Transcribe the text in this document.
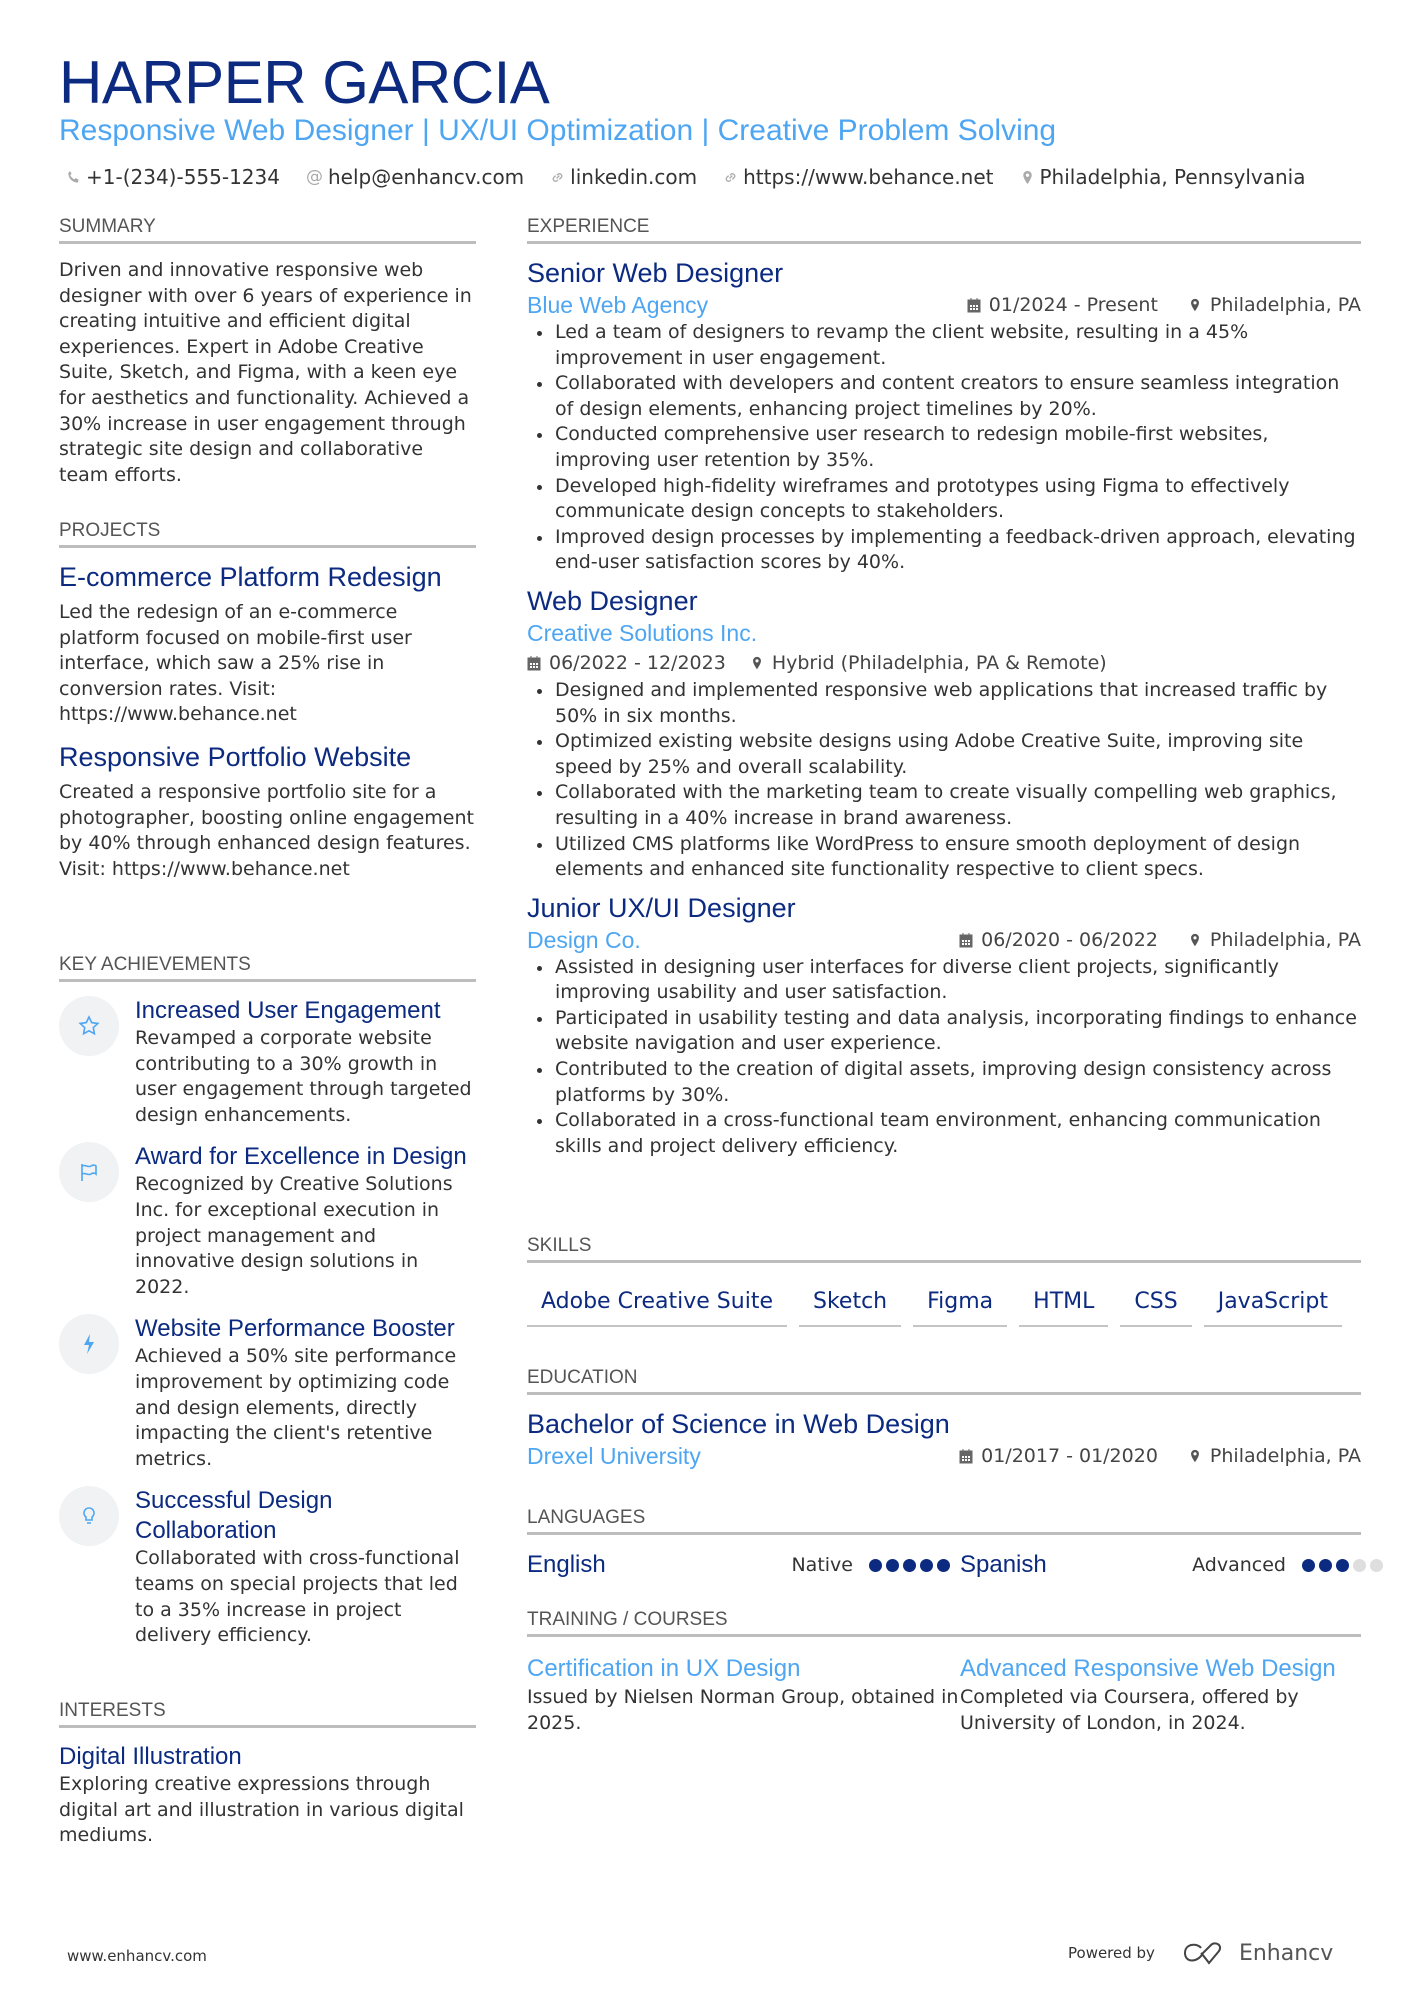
HARPER GARCIA
Responsive Web Designer | UX/UI Optimization | Creative Problem Solving
+1-(234)-555-1234 @ help@enhancv.com linkedin.com https://www.behance.net Philadelphia, Pennsylvania
SUMMARY
Driven and innovative responsive web designer with over 6 years of experience in creating intuitive and efficient digital experiences. Expert in Adobe Creative Suite, Sketch, and Figma, with a keen eye for aesthetics and functionality. Achieved a 30% increase in user engagement through strategic site design and collaborative team efforts.
PROJECTS
E-commerce Platform Redesign
Led the redesign of an e-commerce platform focused on mobile-first user interface, which saw a 25% rise in conversion rates. Visit: https://www.behance.net
Responsive Portfolio Website
Created a responsive portfolio site for a photographer, boosting online engagement by 40% through enhanced design features. Visit: https://www.behance.net
KEY ACHIEVEMENTS
Increased User Engagement
Revamped a corporate website contributing to a 30% growth in user engagement through targeted design enhancements.
Award for Excellence in Design
Recognized by Creative Solutions Inc. for exceptional execution in project management and innovative design solutions in 2022.
Website Performance Booster
Achieved a 50% site performance improvement by optimizing code and design elements, directly impacting the client's retentive metrics.
Successful Design Collaboration
Collaborated with cross-functional teams on special projects that led to a 35% increase in project delivery efficiency.
INTERESTS
Digital Illustration
Exploring creative expressions through digital art and illustration in various digital mediums.
EXPERIENCE
Senior Web Designer
Blue Web Agency	01/2024 - Present	Philadelphia, PA
Led a team of designers to revamp the client website, resulting in a 45% improvement in user engagement.
Collaborated with developers and content creators to ensure seamless integration of design elements, enhancing project timelines by 20%.
Conducted comprehensive user research to redesign mobile-first websites, improving user retention by 35%.
Developed high-fidelity wireframes and prototypes using Figma to effectively communicate design concepts to stakeholders.
Improved design processes by implementing a feedback-driven approach, elevating end-user satisfaction scores by 40%.
Web Designer
Creative Solutions Inc.
06/2022 - 12/2023 Hybrid (Philadelphia, PA & Remote)
Designed and implemented responsive web applications that increased traffic by 50% in six months.
Optimized existing website designs using Adobe Creative Suite, improving site speed by 25% and overall scalability.
Collaborated with the marketing team to create visually compelling web graphics, resulting in a 40% increase in brand awareness.
Utilized CMS platforms like WordPress to ensure smooth deployment of design elements and enhanced site functionality respective to client specs.
Junior UX/UI Designer
Design Co.	06/2020 - 06/2022	Philadelphia, PA
Assisted in designing user interfaces for diverse client projects, significantly improving usability and user satisfaction.
Participated in usability testing and data analysis, incorporating findings to enhance website navigation and user experience.
Contributed to the creation of digital assets, improving design consistency across platforms by 30%.
Collaborated in a cross-functional team environment, enhancing communication skills and project delivery efficiency.
SKILLS
Adobe Creative Suite	Sketch	Figma	HTML	CSS	JavaScript
EDUCATION
Bachelor of Science in Web Design
Drexel University	01/2017 - 01/2020	Philadelphia, PA
LANGUAGES
English	Native	Spanish	Advanced
TRAINING / COURSES
Certification in UX Design
Issued by Nielsen Norman Group, obtained in 2025.
Advanced Responsive Web Design
Completed via Coursera, offered by University of London, in 2024.
www.enhancv.com	Powered by	Enhancv
